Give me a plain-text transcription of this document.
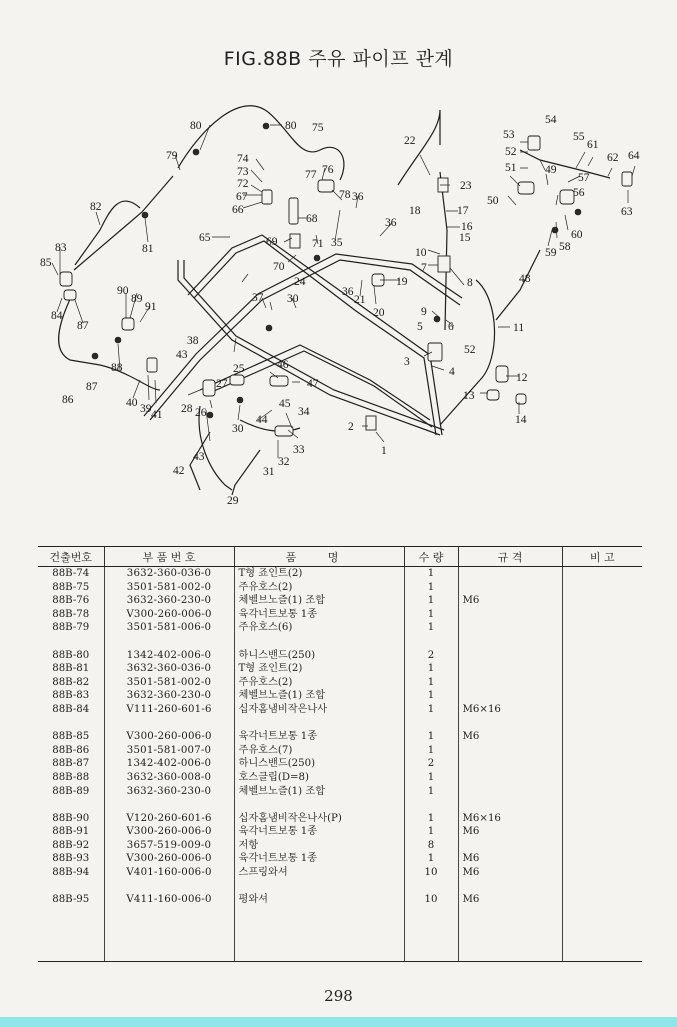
FIG.88B 주유 파이프 관계
1
2
3
4
5 6
7
8
9
10
11
12
13
14
15
16
17
18
19
20
21
22
23
24
25
26
27
28
29
30
30
31
32
33
34
35
36
36
36
37
38
39
40
41
42
43
43
44
45
46
47
48
49
50
51
52
52
53
54
55
56
57
58
59
60
61
62
63
64
65
66
67
68
69
70
71
72
73
74
75
76
77
78
79
80	80
81
82
83
84
85
86
87
87
88
89
90
91
건출번호	부 품 번 호	품 명	수 량	규 격	비 고
88B-74	3632-360-036-0	T형 죠인트(2)	1		
88B-75	3501-581-002-0	주유호스(2)	1		
88B-76	3632-360-230-0	체벨브노즐(1) 조합	1	M6	
88B-78	V300-260-006-0	육각너트보통 1종	1		
88B-79	3501-581-006-0	주유호스(6)	1		

88B-80	1342-402-006-0	하니스밴드(250)	2		
88B-81	3632-360-036-0	T형 죠인트(2)	1		
88B-82	3501-581-002-0	주유호스(2)	1		
88B-83	3632-360-230-0	체벨브노즐(1) 조합	1		
88B-84	V111-260-601-6	십자홈냄비작은나사	1	M6×16	

88B-85	V300-260-006-0	육각너트보통 1종	1	M6	
88B-86	3501-581-007-0	주유호스(7)	1		
88B-87	1342-402-006-0	하니스밴드(250)	2		
88B-88	3632-360-008-0	호스클립(D=8)	1		
88B-89	3632-360-230-0	체벨브노즐(1) 조합	1		

88B-90	V120-260-601-6	십자홈냄비작은나사(P)	1	M6×16	
88B-91	V300-260-006-0	육각너트보통 1종	1	M6	
88B-92	3657-519-009-0	저항	8		
88B-93	V300-260-006-0	육각너트보통 1종	1	M6	
88B-94	V401-160-006-0	스프링와셔	10	M6	

88B-95	V411-160-006-0	평와셔	10	M6	

298
